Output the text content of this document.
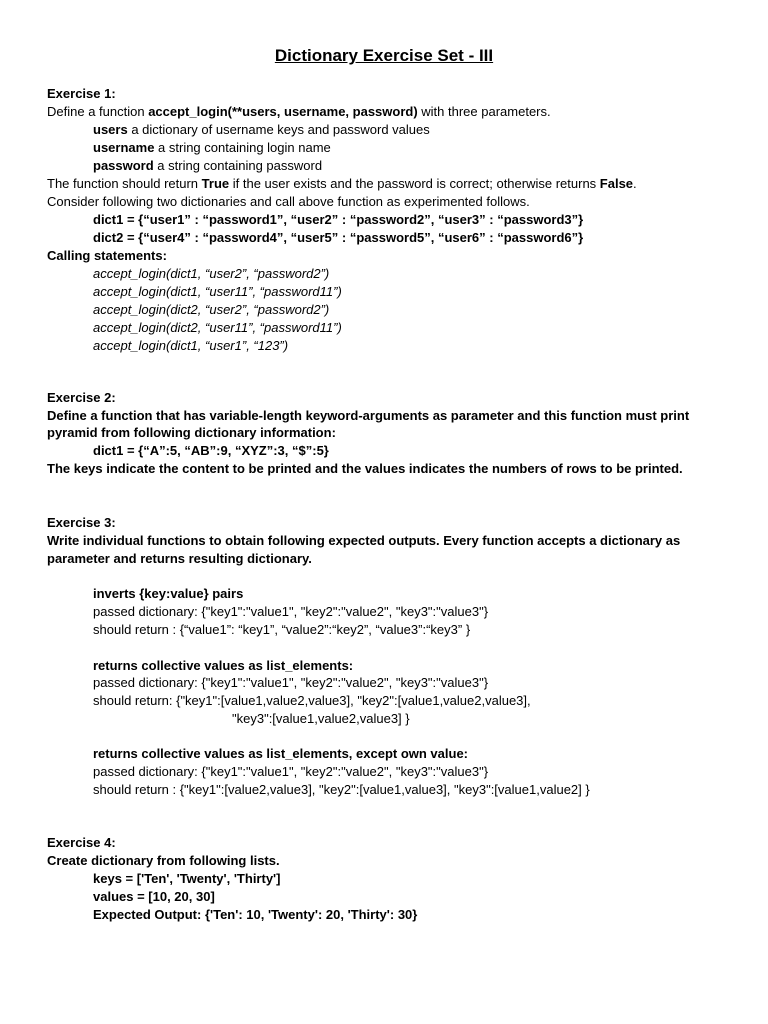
Dictionary Exercise Set - III
Exercise 1:
Define a function accept_login(**users, username, password) with three parameters.
users a dictionary of username keys and password values
username a string containing login name
password a string containing password
The function should return True if the user exists and the password is correct; otherwise returns False.
Consider following two dictionaries and call above function as experimented follows.
dict1 = {“user1” : “password1”, “user2” : “password2”, “user3” : “password3”}
dict2 = {“user4” : “password4”, “user5” : “password5”, “user6” : “password6”}
Calling statements:
accept_login(dict1, “user2”, “password2”)
accept_login(dict1, “user11”, “password11”)
accept_login(dict2, “user2”, “password2”)
accept_login(dict2, “user11”, “password11”)
accept_login(dict1, “user1”, “123”)
Exercise 2:
Define a function that has variable-length keyword-arguments as parameter and this function must print
pyramid from following dictionary information:
dict1 = {“A”:5, “AB”:9, “XYZ”:3, “$”:5}
The keys indicate the content to be printed and the values indicates the numbers of rows to be printed.
Exercise 3:
Write individual functions to obtain following expected outputs. Every function accepts a dictionary as
parameter and returns resulting dictionary.
inverts {key:value} pairs
passed dictionary: {"key1":"value1", "key2":"value2", "key3":"value3"}
should return : {“value1”: “key1”, “value2”:“key2”, “value3”:“key3” }
returns collective values as list_elements:
passed dictionary: {"key1":"value1", "key2":"value2", "key3":"value3"}
should return: {"key1":[value1,value2,value3], "key2":[value1,value2,value3],
"key3":[value1,value2,value3] }
returns collective values as list_elements, except own value:
passed dictionary: {"key1":"value1", "key2":"value2", "key3":"value3"}
should return : {"key1":[value2,value3], "key2":[value1,value3], "key3":[value1,value2] }
Exercise 4:
Create dictionary from following lists.
keys = ['Ten', 'Twenty', 'Thirty']
values = [10, 20, 30]
Expected Output: {'Ten': 10, 'Twenty': 20, 'Thirty': 30}
